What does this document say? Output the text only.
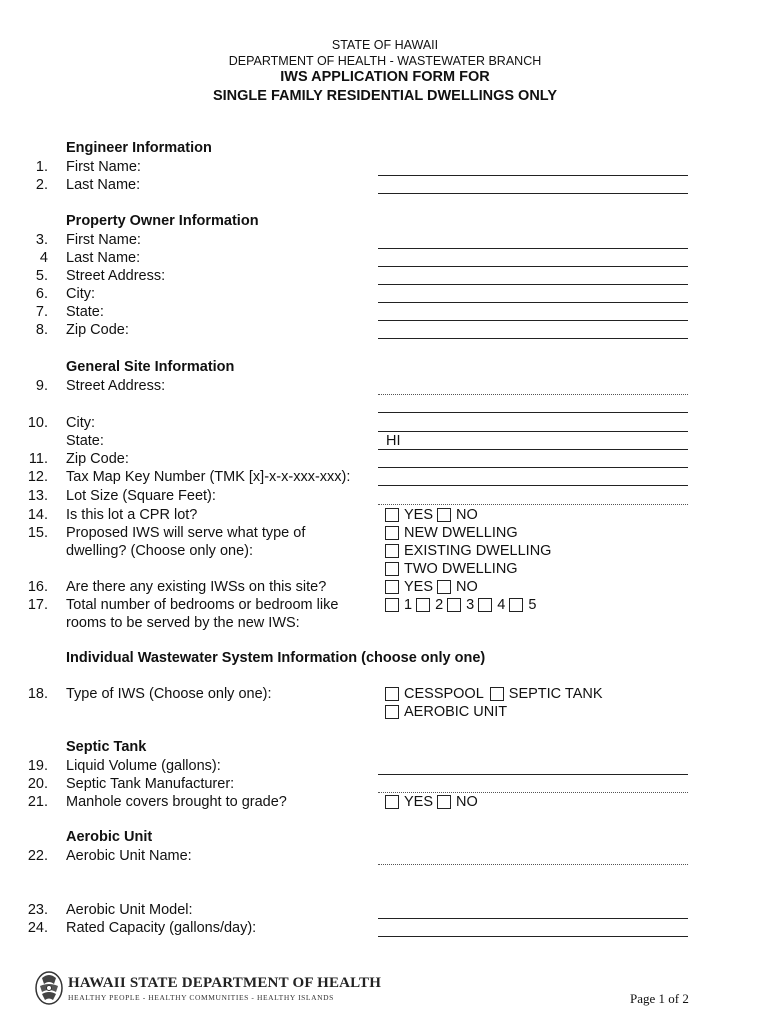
STATE OF HAWAII
DEPARTMENT OF HEALTH - WASTEWATER BRANCH
IWS APPLICATION FORM FOR
SINGLE FAMILY RESIDENTIAL DWELLINGS ONLY
Engineer Information
1. First Name:
2. Last Name:
Property Owner Information
3. First Name:
4 Last Name:
5. Street Address:
6. City:
7. State:
8. Zip Code:
General Site Information
9. Street Address:
10. City:
State:	HI
11. Zip Code:
12. Tax Map Key Number (TMK [x]-x-x-xxx-xxx):
13. Lot Size (Square Feet):
14. Is this lot a CPR lot?	YES NO
15. Proposed IWS will serve what type of dwelling? (Choose only one):
NEW DWELLING
EXISTING DWELLING
TWO DWELLING
16. Are there any existing IWSs on this site?	YES NO
17. Total number of bedrooms or bedroom like rooms to be served by the new IWS:
1 2 3 4 5
Individual Wastewater System Information (choose only one)
18. Type of IWS (Choose only one):	CESSPOOL SEPTIC TANK
AEROBIC UNIT
Septic Tank
19. Liquid Volume (gallons):
20. Septic Tank Manufacturer:
21. Manhole covers brought to grade?	YES NO
Aerobic Unit
22. Aerobic Unit Name:
23. Aerobic Unit Model:
24. Rated Capacity (gallons/day):
HAWAII STATE DEPARTMENT OF HEALTH
HEALTHY PEOPLE - HEALTHY COMMUNITIES - HEALTHY ISLANDS	Page 1 of 2
